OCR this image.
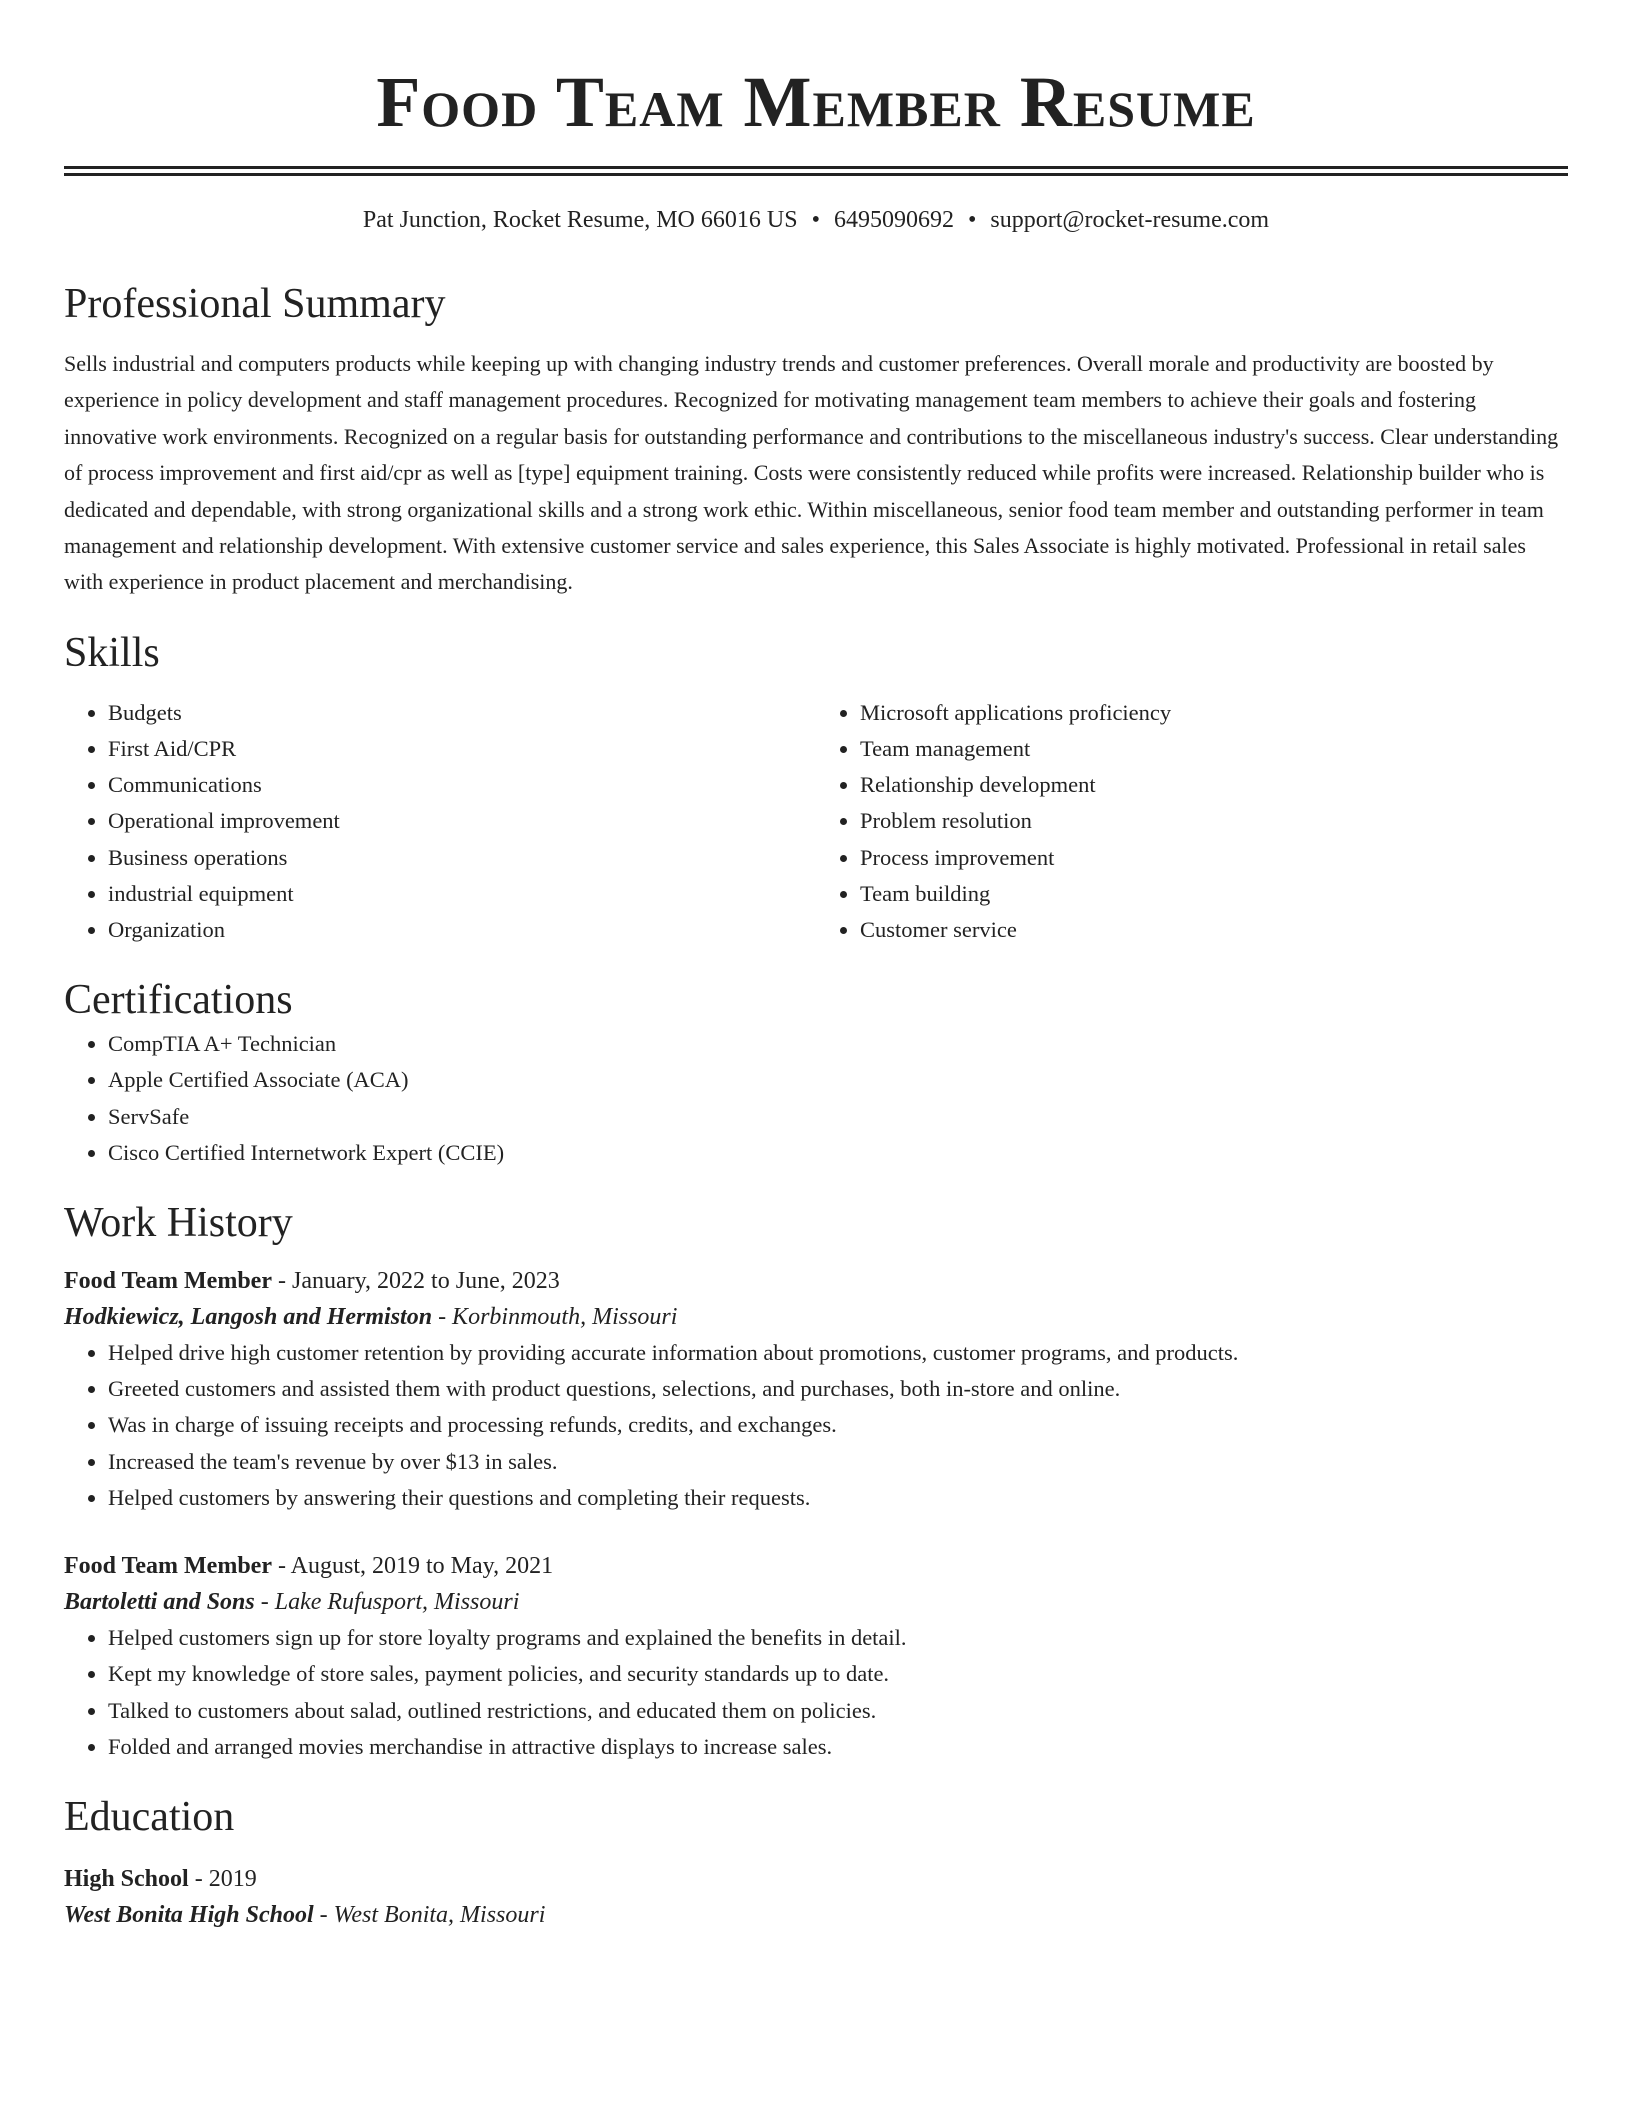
Food Team Member Resume
Pat Junction, Rocket Resume, MO 66016 US • 6495090692 • support@rocket-resume.com
Professional Summary

Sells industrial and computers products while keeping up with changing industry trends and customer preferences. Overall morale and productivity are boosted by experience in policy development and staff management procedures. Recognized for motivating management team members to achieve their goals and fostering innovative work environments. Recognized on a regular basis for outstanding performance and contributions to the miscellaneous industry's success. Clear understanding of process improvement and first aid/cpr as well as [type] equipment training. Costs were consistently reduced while profits were increased. Relationship builder who is dedicated and dependable, with strong organizational skills and a strong work ethic. Within miscellaneous, senior food team member and outstanding performer in team management and relationship development. With extensive customer service and sales experience, this Sales Associate is highly motivated. Professional in retail sales with experience in product placement and merchandising.

Skills
• Budgets
• First Aid/CPR
• Communications
• Operational improvement
• Business operations
• industrial equipment
• Organization
• Microsoft applications proficiency
• Team management
• Relationship development
• Problem resolution
• Process improvement
• Team building
• Customer service
Certifications
• CompTIA A+ Technician
• Apple Certified Associate (ACA)
• ServSafe
• Cisco Certified Internetwork Expert (CCIE)
Work History
Food Team Member - January, 2022 to June, 2023
Hodkiewicz, Langosh and Hermiston - Korbinmouth, Missouri
• Helped drive high customer retention by providing accurate information about promotions, customer programs, and products.
• Greeted customers and assisted them with product questions, selections, and purchases, both in-store and online.
• Was in charge of issuing receipts and processing refunds, credits, and exchanges.
• Increased the team's revenue by over $13 in sales.
• Helped customers by answering their questions and completing their requests.
Food Team Member - August, 2019 to May, 2021
Bartoletti and Sons - Lake Rufusport, Missouri
• Helped customers sign up for store loyalty programs and explained the benefits in detail.
• Kept my knowledge of store sales, payment policies, and security standards up to date.
• Talked to customers about salad, outlined restrictions, and educated them on policies.
• Folded and arranged movies merchandise in attractive displays to increase sales.
Education
High School - 2019
West Bonita High School - West Bonita, Missouri
